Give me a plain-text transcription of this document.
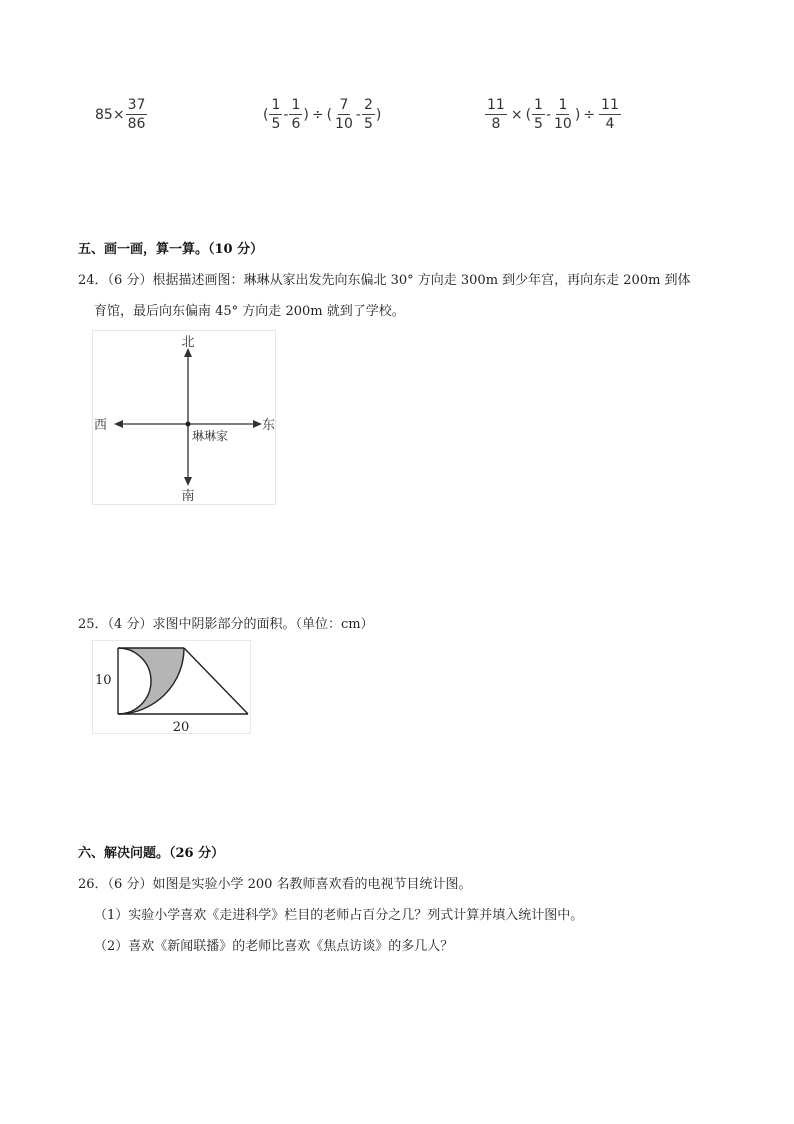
$85 \times \frac{37}{86}$	( $\frac{1}{5} - \frac{1}{6}$ ) ÷ ( $\frac{7}{10} - \frac{2}{5}$ )	$\frac{11}{8}$ × ( $\frac{1}{5} - \frac{1}{10}$ ) ÷ $\frac{11}{4}$
五、画一画，算一算。（10 分）
24．（6 分）根据描述画图：琳琳从家出发先向东偏北 30° 方向走 300m 到少年宫，再向东走 200m 到体
育馆，最后向东偏南 45° 方向走 200m 就到了学校。
北
南
西	东
琳琳家
25．（4 分）求图中阴影部分的面积。（单位：cm）
10
20
六、解决问题。（26 分）
26．（6 分）如图是实验小学 200 名教师喜欢看的电视节目统计图。
（1）实验小学喜欢《走进科学》栏目的老师占百分之几？列式计算并填入统计图中。
（2）喜欢《新闻联播》的老师比喜欢《焦点访谈》的多几人？
